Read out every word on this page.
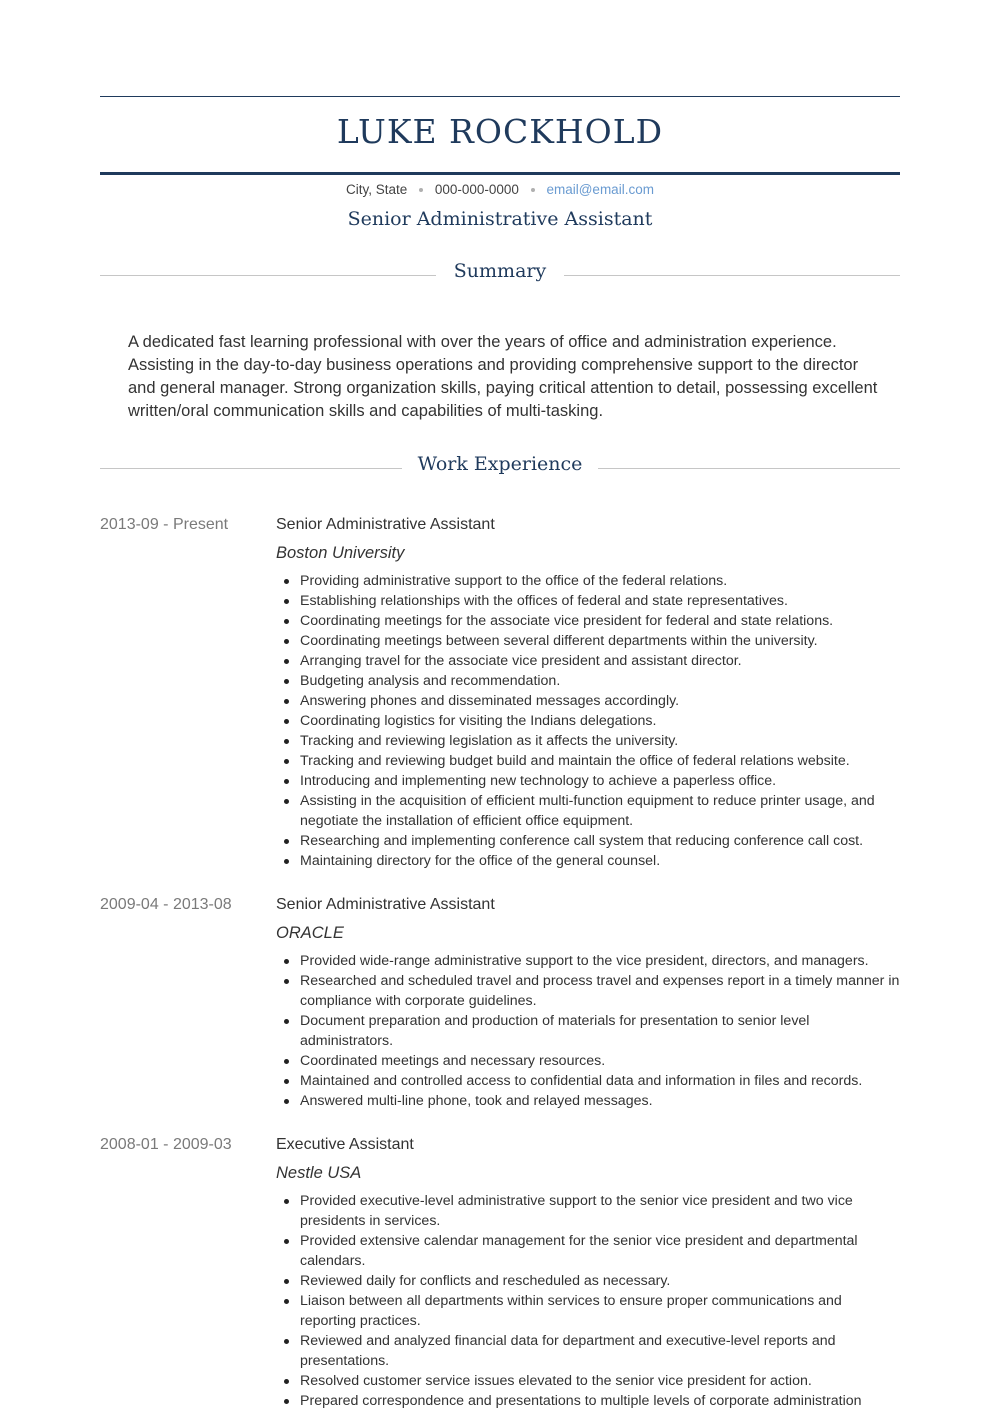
LUKE ROCKHOLD
City, State 000-000-0000 email@email.com
Senior Administrative Assistant
Summary
A dedicated fast learning professional with over the years of office and administration experience. Assisting in the day-to-day business operations and providing comprehensive support to the director and general manager. Strong organization skills, paying critical attention to detail, possessing excellent written/oral communication skills and capabilities of multi-tasking.
Work Experience
2013-09 - Present	Senior Administrative Assistant
Boston University
Providing administrative support to the office of the federal relations.
Establishing relationships with the offices of federal and state representatives.
Coordinating meetings for the associate vice president for federal and state relations.
Coordinating meetings between several different departments within the university.
Arranging travel for the associate vice president and assistant director.
Budgeting analysis and recommendation.
Answering phones and disseminated messages accordingly.
Coordinating logistics for visiting the Indians delegations.
Tracking and reviewing legislation as it affects the university.
Tracking and reviewing budget build and maintain the office of federal relations website.
Introducing and implementing new technology to achieve a paperless office.
Assisting in the acquisition of efficient multi-function equipment to reduce printer usage, and negotiate the installation of efficient office equipment.
Researching and implementing conference call system that reducing conference call cost.
Maintaining directory for the office of the general counsel.
2009-04 - 2013-08	Senior Administrative Assistant
ORACLE
Provided wide-range administrative support to the vice president, directors, and managers.
Researched and scheduled travel and process travel and expenses report in a timely manner in compliance with corporate guidelines.
Document preparation and production of materials for presentation to senior level administrators.
Coordinated meetings and necessary resources.
Maintained and controlled access to confidential data and information in files and records.
Answered multi-line phone, took and relayed messages.
2008-01 - 2009-03	Executive Assistant
Nestle USA
Provided executive-level administrative support to the senior vice president and two vice presidents in services.
Provided extensive calendar management for the senior vice president and departmental calendars.
Reviewed daily for conflicts and rescheduled as necessary.
Liaison between all departments within services to ensure proper communications and reporting practices.
Reviewed and analyzed financial data for department and executive-level reports and presentations.
Resolved customer service issues elevated to the senior vice president for action.
Prepared correspondence and presentations to multiple levels of corporate administration
